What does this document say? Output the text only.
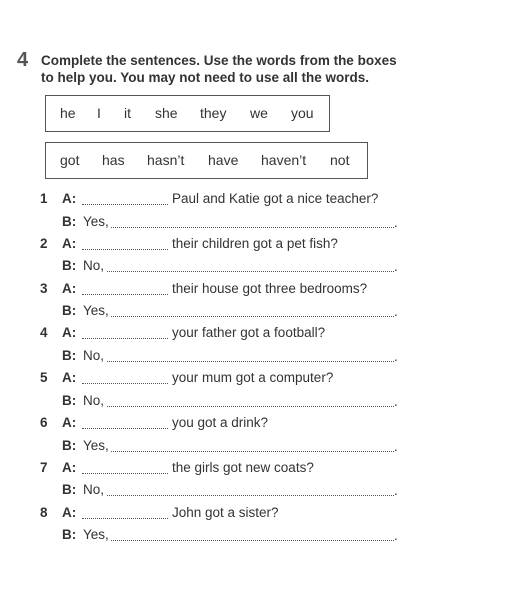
4 Complete the sentences. Use the words from the boxes
to help you. You may not need to use all the words.
he I it she they we you
got has hasn’t have haven’t not
1 A:	Paul and Katie got a nice teacher?
B: Yes,	.
2 A:	their children got a pet fish?
B: No,	.
3 A:	their house got three bedrooms?
B: Yes,	.
4 A:	your father got a football?
B: No,	.
5 A:	your mum got a computer?
B: No,	.
6 A:	you got a drink?
B: Yes,	.
7 A:	the girls got new coats?
B: No,	.
8 A:	John got a sister?
B: Yes,	.
